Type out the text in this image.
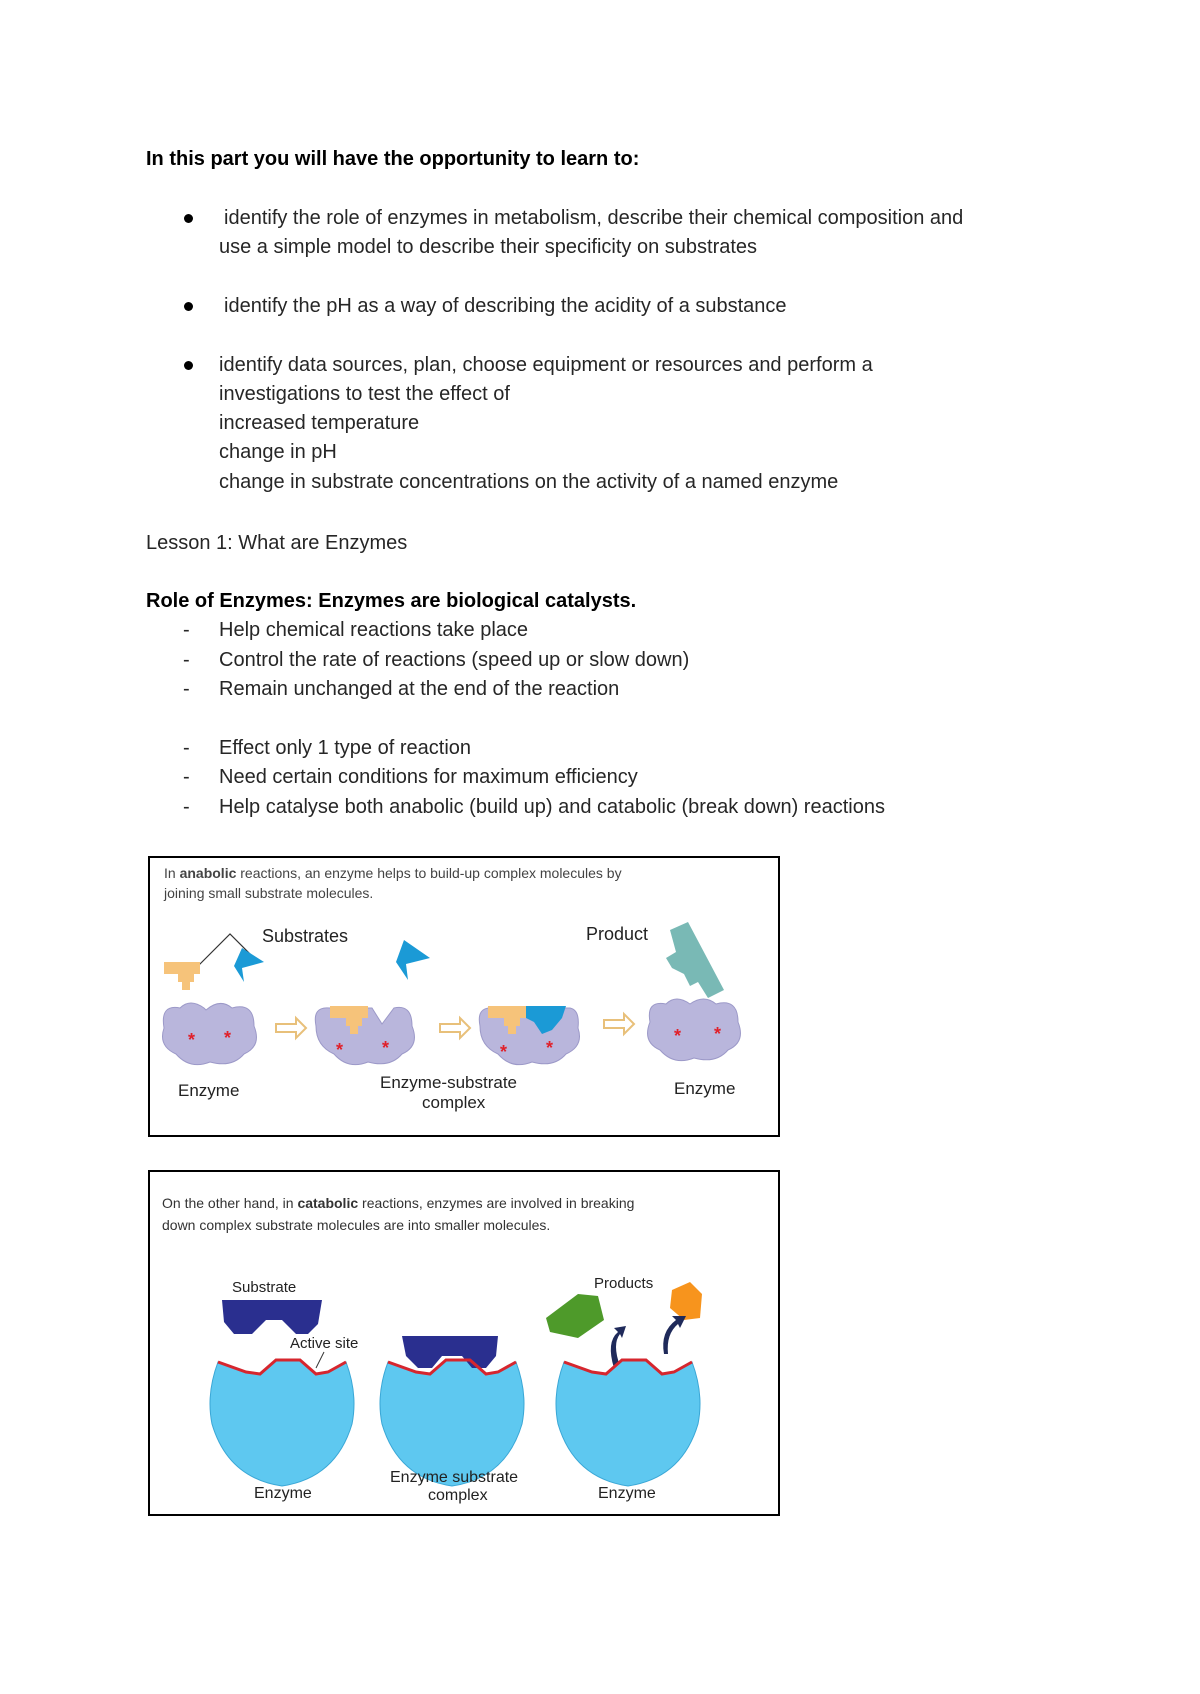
In this part you will have the opportunity to learn to:
identify the role of enzymes in metabolism, describe their chemical composition and
use a simple model to describe their specificity on substrates
identify the pH as a way of describing the acidity of a substance
identify data sources, plan, choose equipment or resources and perform a
investigations to test the effect of
increased temperature
change in pH
change in substrate concentrations on the activity of a named enzyme
Lesson 1: What are Enzymes
Role of Enzymes: Enzymes are biological catalysts.
- Help chemical reactions take place
- Control the rate of reactions (speed up or slow down)
- Remain unchanged at the end of the reaction
- Effect only 1 type of reaction
- Need certain conditions for maximum efficiency
- Help catalyse both anabolic (build up) and catabolic (break down) reactions
In anabolic reactions, an enzyme helps to build-up complex molecules by
joining small substrate molecules.
Substrates
* *
Enzyme
* *	* *
Enzyme-substrate
complex
Product
* *
Enzyme
On the other hand, in catabolic reactions, enzymes are involved in breaking
down complex substrate molecules are into smaller molecules.
Substrate
Active site
Enzyme
Enzyme substrate
complex
Products
Enzyme
